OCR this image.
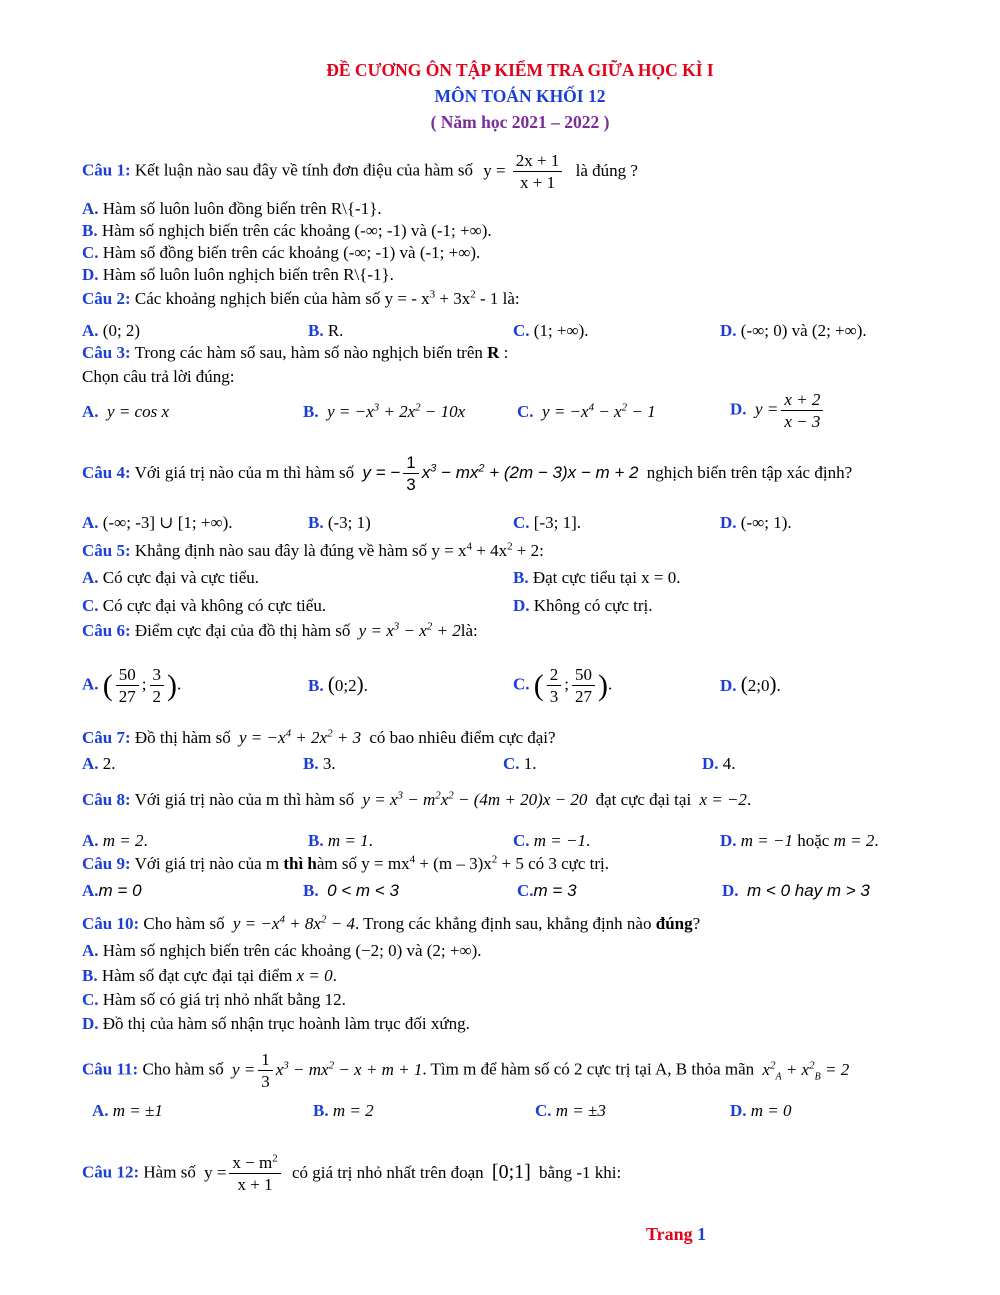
ĐỀ CƯƠNG ÔN TẬP KIỂM TRA GIỮA HỌC KÌ I
MÔN TOÁN KHỐI 12
( Năm học 2021 – 2022 )
Câu 1: Kết luận nào sau đây về tính đơn điệu của hàm số $y = \frac{2x + 1}{x + 1}$ là đúng ?
A. Hàm số luôn luôn đồng biến trên R\{-1}.
B. Hàm số nghịch biến trên các khoảng (-∞; -1) và (-1; +∞).
C. Hàm số đồng biến trên các khoảng (-∞; -1) và (-1; +∞).
D. Hàm số luôn luôn nghịch biến trên R\{-1}.
Câu 2: Các khoảng nghịch biến của hàm số y = - $x^3 + 3x^2 - 1$ là:
A. (0; 2)	B. R.	C. (1; +∞).	D. (-∞; 0) và (2; +∞).
Câu 3: Trong các hàm số sau, hàm số nào nghịch biến trên R :
Chọn câu trả lời đúng:
A. y = cos x	B. $y = -x^3 + 2x^2 - 10x$	C. $y = -x^4 - x^2 - 1$	D. $y = \frac{x + 2}{x - 3}$
Câu 4: Với giá trị nào của m thì hàm số y = − $\frac{1}{3} x^3 - mx^2 + (2m - 3)x - m + 2$ nghịch biến trên tập xác định?
A. (-∞; -3] ∪ [1; +∞).	B. (-3; 1)	C. [-3; 1].	D. (-∞; 1).
Câu 5: Khẳng định nào sau đây là đúng về hàm số $y = x^4 + 4x^2 + 2$:
A. Có cực đại và cực tiểu.	B. Đạt cực tiểu tại x = 0.
C. Có cực đại và không có cực tiểu.	D. Không có cực trị.
Câu 6: Điểm cực đại của đồ thị hàm số $y = x^3 - x^2$ + 2là:
A. ( $\frac{50}{27}$ ; $\frac{3}{2}$ ).	B. (0;2).	C. ( $\frac{2}{3}$ ; $\frac{50}{27}$ ).	D. (2;0).
Câu 7: Đồ thị hàm số $y = -x^4 + 2x^2 + 3$ có bao nhiêu điểm cực đại?
A. 2.	B. 3.	C. 1.	D. 4.
Câu 8: Với giá trị nào của m thì hàm số $y = x^3 - m^2x^2 - (4m + 20)x - 20$ đạt cực đại tại x = −2.
A. m = 2.	B. m = 1.	C. m = −1.	D. m = −1 hoặc m = 2.
Câu 9: Với giá trị nào của m thì hàm số $y = mx^4 + (m - 3)x^2 + 5$ có 3 cực trị.
A.m = 0	B. 0 < m < 3	C.m = 3	D. m < 0 hay m > 3
Câu 10: Cho hàm số $y = -x^4 + 8x^2 - 4$. Trong các khẳng định sau, khẳng định nào đúng?
A. Hàm số nghịch biến trên các khoảng (−2; 0) và (2; +∞).
B. Hàm số đạt cực đại tại điểm x = 0.
C. Hàm số có giá trị nhỏ nhất bằng 12.
D. Đồ thị của hàm số nhận trục hoành làm trục đối xứng.
Câu 11: Cho hàm số $y = \frac{1}{3} x^3 - mx^2 - x + m + 1$. Tìm m để hàm số có 2 cực trị tại A, B thỏa mãn $x^2_A + x^2_B = 2$
A. m = ±1	B. m = 2	C. m = ±3	D. m = 0
Câu 12: Hàm số $y = \frac{x - m^2}{x + 1}$ có giá trị nhỏ nhất trên đoạn [0;1] bằng -1 khi:
Trang 1
